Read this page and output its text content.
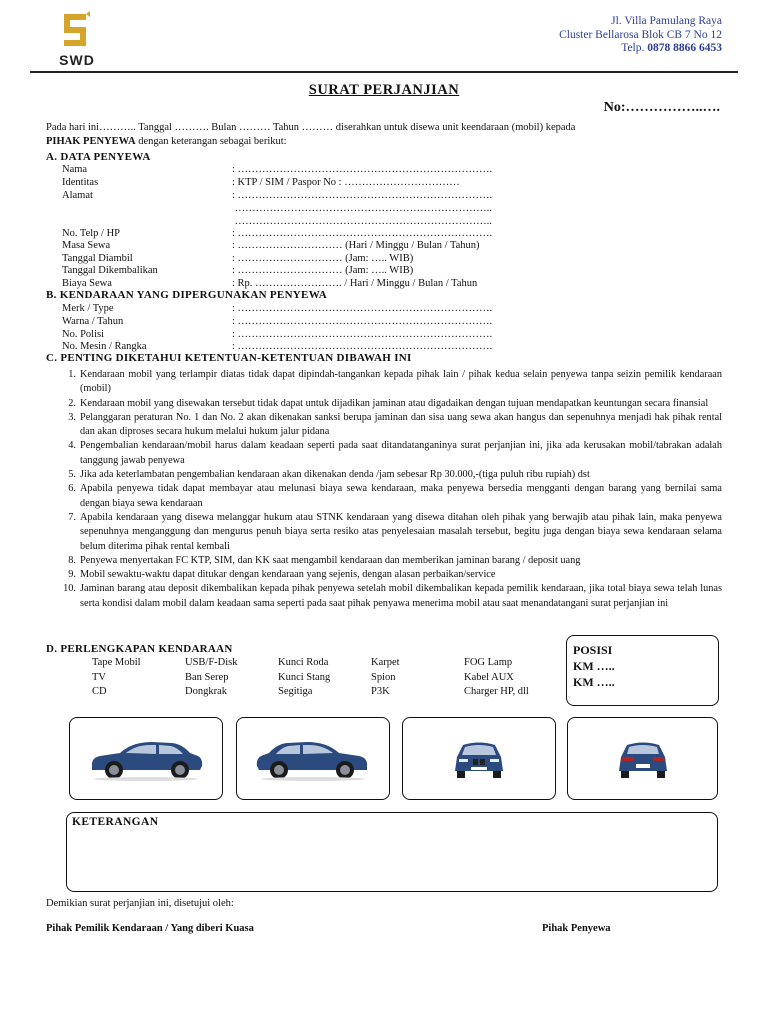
SWD
Jl. Villa Pamulang Raya
Cluster Bellarosa Blok CB 7 No 12
Telp. 0878 8866 6453
SURAT PERJANJIAN
No:……………..….
Pada hari ini……….. Tanggal ………. Bulan ……… Tahun ……… diserahkan untuk disewa unit keendaraan (mobil) kepada
PIHAK PENYEWA dengan keterangan sebagai berikut:
A. DATA PENYEWA
Nama	: ……………………………………………………………….
Identitas	: KTP / SIM / Paspor No : ……………………………
Alamat	: ……………………………………………………………….
………………………………………………………………..
………………………………………………………………..
No. Telp / HP	: ……………………………………………………………….
Masa Sewa	: ………………………… (Hari / Minggu / Bulan / Tahun)
Tanggal Diambil	: ………………………… (Jam: ….. WIB)
Tanggal Dikembalikan	: ………………………… (Jam: ….. WIB)
Biaya Sewa	: Rp. ……………………. / Hari / Minggu / Bulan / Tahun
B. KENDARAAN YANG DIPERGUNAKAN PENYEWA
Merk / Type	: ……………………………………………………………….
Warna / Tahun	: ……………………………………………………………….
No. Polisi	: ……………………………………………………………….
No. Mesin / Rangka	: ……………………………………………………………….
C. PENTING DIKETAHUI KETENTUAN-KETENTUAN DIBAWAH INI
1. Kendaraan mobil yang terlampir diatas tidak dapat dipindah-tangankan kepada pihak lain / pihak kedua selain penyewa tanpa seizin pemilik kendaraan (mobil)
2. Kendaraan mobil yang disewakan tersebut tidak dapat untuk dijadikan jaminan atau digadaikan dengan tujuan mendapatkan keuntungan secara finansial
3. Pelanggaran peraturan No. 1 dan No. 2 akan dikenakan sanksi berupa jaminan dan sisa uang sewa akan hangus dan sepenuhnya menjadi hak pihak rental dan akan diproses secara hukum melalui hukum jalur pidana
4. Pengembalian kendaraan/mobil harus dalam keadaan seperti pada saat ditandatanganinya surat perjanjian ini, jika ada kerusakan mobil/tabrakan adalah tanggung jawab penyewa
5. Jika ada keterlambatan pengembalian kendaraan akan dikenakan denda /jam sebesar Rp 30.000,-(tiga puluh ribu rupiah) dst
6. Apabila penyewa tidak dapat membayar atau melunasi biaya sewa kendaraan, maka penyewa bersedia mengganti dengan barang yang bernilai sama dengan biaya sewa kendaraan
7. Apabila kendaraan yang disewa melanggar hukum atau STNK kendaraan yang disewa ditahan oleh pihak yang berwajib atau pihak lain, maka penyewa sepenuhnya menganggung dan mengurus penuh biaya serta resiko atas penyelesaian masalah tersebut, begitu juga dengan biaya sewa kendaraan selama belum diterima pihak rental kembali
8. Penyewa menyertakan FC KTP, SIM, dan KK saat mengambil kendaraan dan memberikan jaminan barang / deposit uang
9. Mobil sewaktu-waktu dapat ditukar dengan kendaraan yang sejenis, dengan alasan perbaikan/service
10. Jaminan barang atau deposit dikembalikan kepada pihak penyewa setelah mobil dikembalikan kepada pemilik kendaraan, jika total biaya sewa telah lunas serta kondisi dalam mobil dalam keadaan sama seperti pada saat pihak penyawa menerima mobil atau saat menandatangani surat perjanjian ini
D. PERLENGKAPAN KENDARAAN
Tape Mobil	USB/F-Disk	Kunci Roda	Karpet	FOG Lamp
TV	Ban Serep	Kunci Stang	Spion	Kabel AUX
CD	Dongkrak	Segitiga	P3K	Charger HP, dll
POSISI
KM …..
KM …..
KETERANGAN
Demikian surat perjanjian ini, disetujui oleh:
Pihak Pemilik Kendaraan / Yang diberi Kuasa	Pihak Penyewa
